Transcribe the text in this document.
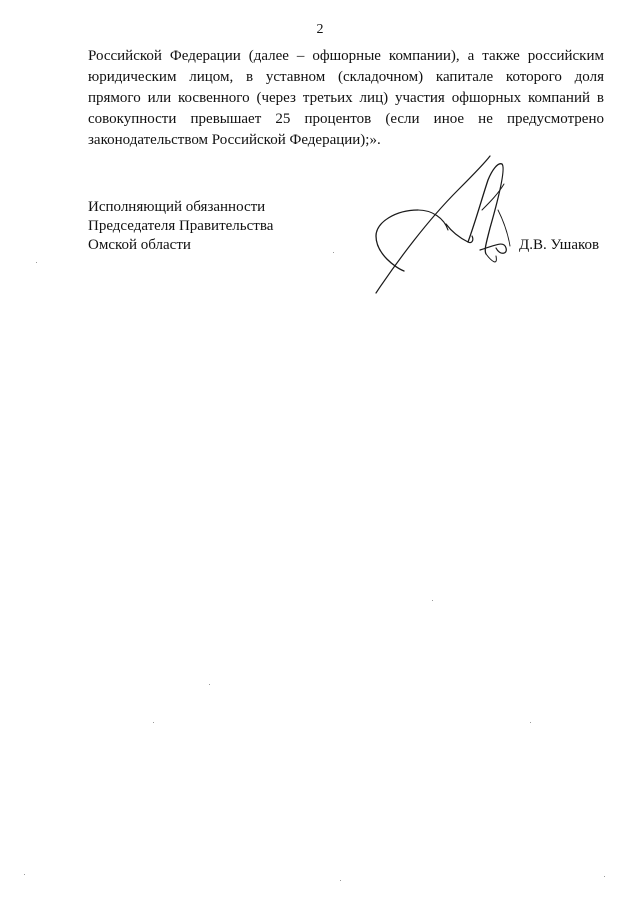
2

Российской Федерации (далее – офшорные компании), а также российским
юридическим лицом, в уставном (складочном) капитале которого доля
прямого или косвенного (через третьих лиц) участия офшорных компаний в
совокупности превышает 25 процентов (если иное не предусмотрено
законодательством Российской Федерации);».

Исполняющий обязанности
Председателя Правительства
Омской области	Д.В. Ушаков
